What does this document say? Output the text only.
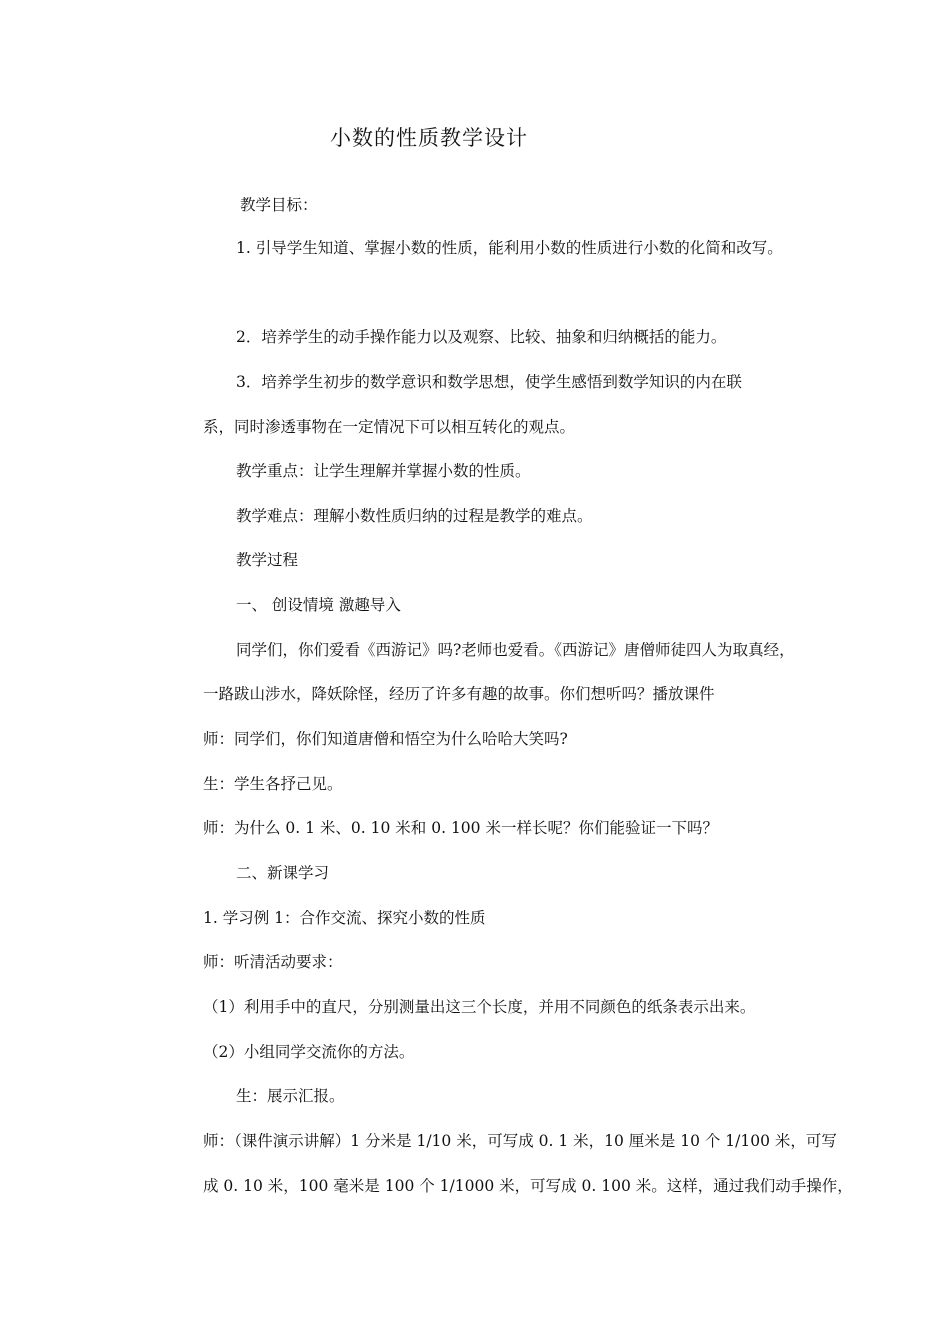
小数的性质教学设计
教学目标：
1. 引导学生知道、掌握小数的性质，能利用小数的性质进行小数的化简和改写。
2．培养学生的动手操作能力以及观察、比较、抽象和归纳概括的能力。
3．培养学生初步的数学意识和数学思想，使学生感悟到数学知识的内在联
系，同时渗透事物在一定情况下可以相互转化的观点。
教学重点：让学生理解并掌握小数的性质。
教学难点：理解小数性质归纳的过程是教学的难点。
教学过程
一、 创设情境 激趣导入
同学们，你们爱看《西游记》吗?老师也爱看。《西游记》唐僧师徒四人为取真经，
一路跋山涉水，降妖除怪，经历了许多有趣的故事。你们想听吗？播放课件
师：同学们，你们知道唐僧和悟空为什么哈哈大笑吗?
生：学生各抒己见。
师：为什么 0. 1 米、0. 10 米和 0. 100 米一样长呢？你们能验证一下吗？
二、新课学习
1. 学习例 1：合作交流、探究小数的性质
师：听清活动要求：
（1）利用手中的直尺，分别测量出这三个长度，并用不同颜色的纸条表示出来。
（2）小组同学交流你的方法。
生：展示汇报。
师：（课件演示讲解）1 分米是 1/10 米，可写成 0. 1 米，10 厘米是 10 个 1/100 米，可写
成 0. 10 米，100 毫米是 100 个 1/1000 米，可写成 0. 100 米。这样，通过我们动手操作，
